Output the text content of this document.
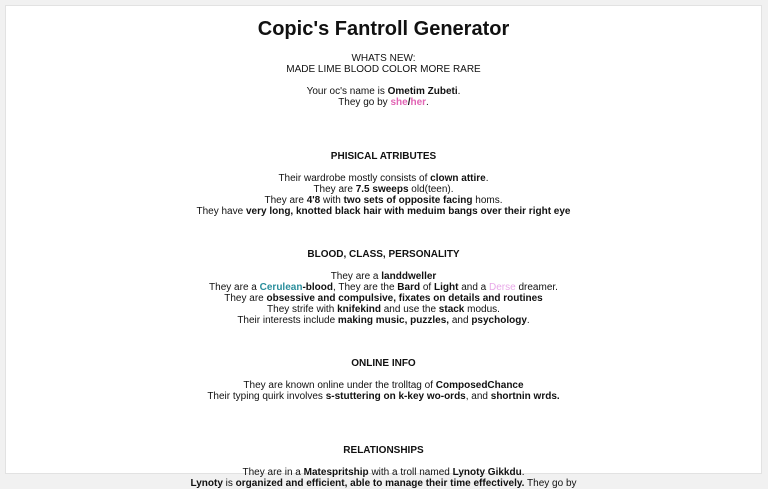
Copic's Fantroll Generator
WHATS NEW:
MADE LIME BLOOD COLOR MORE RARE
Your oc's name is Ometim Zubeti.
They go by she/her.
PHISICAL ATRIBUTES
Their wardrobe mostly consists of clown attire.
They are 7.5 sweeps old(teen).
They are 4'8 with two sets of opposite facing homs.
They have very long, knotted black hair with meduim bangs over their right eye
BLOOD, CLASS, PERSONALITY
They are a landdweller
They are a Cerulean-blood, They are the Bard of Light and a Derse dreamer.
They are obsessive and compulsive, fixates on details and routines
They strife with knifekind and use the stack modus.
Their interests include making music, puzzles, and psychology.
ONLINE INFO
They are known online under the trolltag of ComposedChance
Their typing quirk involves s-stuttering on k-key wo-ords, and shortnin wrds.
RELATIONSHIPS
They are in a Matespritship with a troll named Lynoty Gikkdu.
Lynoty is organized and efficient, able to manage their time effectively. They go by
